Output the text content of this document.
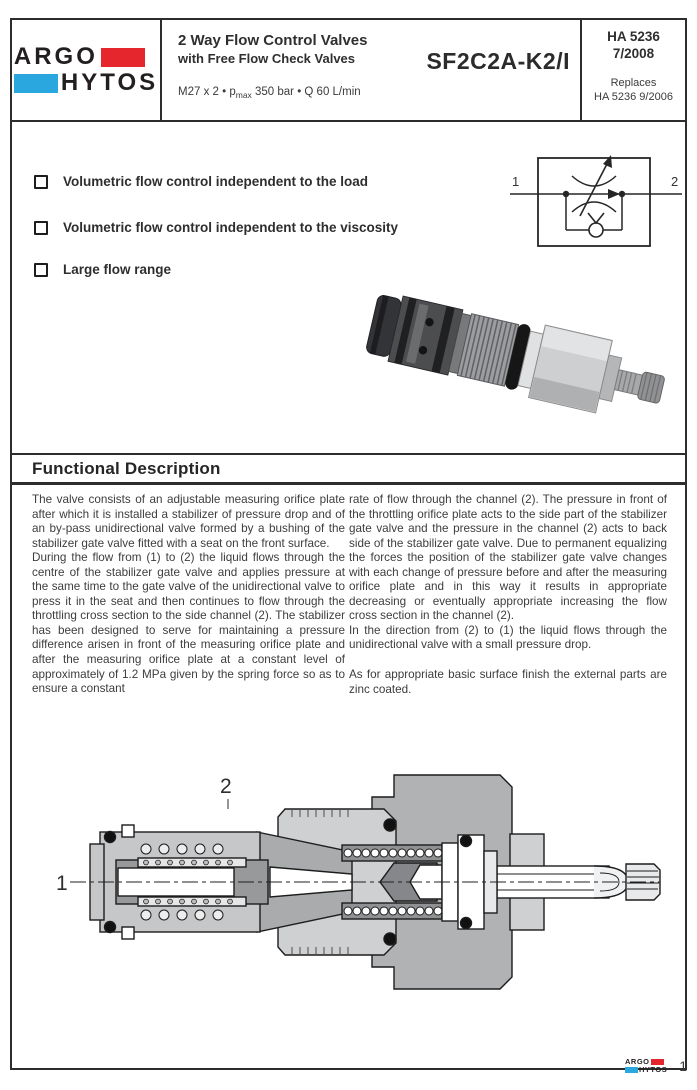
ARGO
HYTOS
2 Way Flow Control Valves
with Free Flow Check Valves
M27 x 2 • $p_{max}$ 350 bar • Q 60 L/min
SF2C2A-K2/I
HA 5236
7/2008
Replaces
HA 5236 9/2006
Volumetric flow control independent to the load
Volumetric flow control independent to the viscosity
Large flow range
1	2
Functional Description

The valve consists of an adjustable measuring orifice plate after which it is installed a stabilizer of pressure drop and of an by-pass unidirectional valve formed by a bushing of the stabilizer gate valve fitted with a seat on the front surface.

During the flow from (1) to (2) the liquid flows through the centre of the stabilizer gate valve and applies pressure at the same time to the gate valve of the unidirectional valve to press it in the seat and then continues to flow through the throttling cross section to the side channel (2). The stabilizer has been designed to serve for maintaining a pressure difference arisen in front of the measuring orifice plate and after the measuring orifice plate at a constant level of approximately of 1.2 MPa given by the spring force so as to ensure a constant

rate of flow through the channel (2). The pressure in front of the throttling orifice plate acts to the side part of the stabilizer gate valve and the pressure in the channel (2) acts to back side of the stabilizer gate valve. Due to permanent equalizing the forces the position of the stabilizer gate valve changes with each change of pressure before and after the measuring orifice plate and in this way it results in appropriate decreasing or eventually appropriate increasing the flow cross section in the channel (2).

In the direction from (2) to (1) the liquid flows through the unidirectional valve with a small pressure drop.

As for appropriate basic surface finish the external parts are zinc coated.

1
2
ARGO
HYTOS 1
